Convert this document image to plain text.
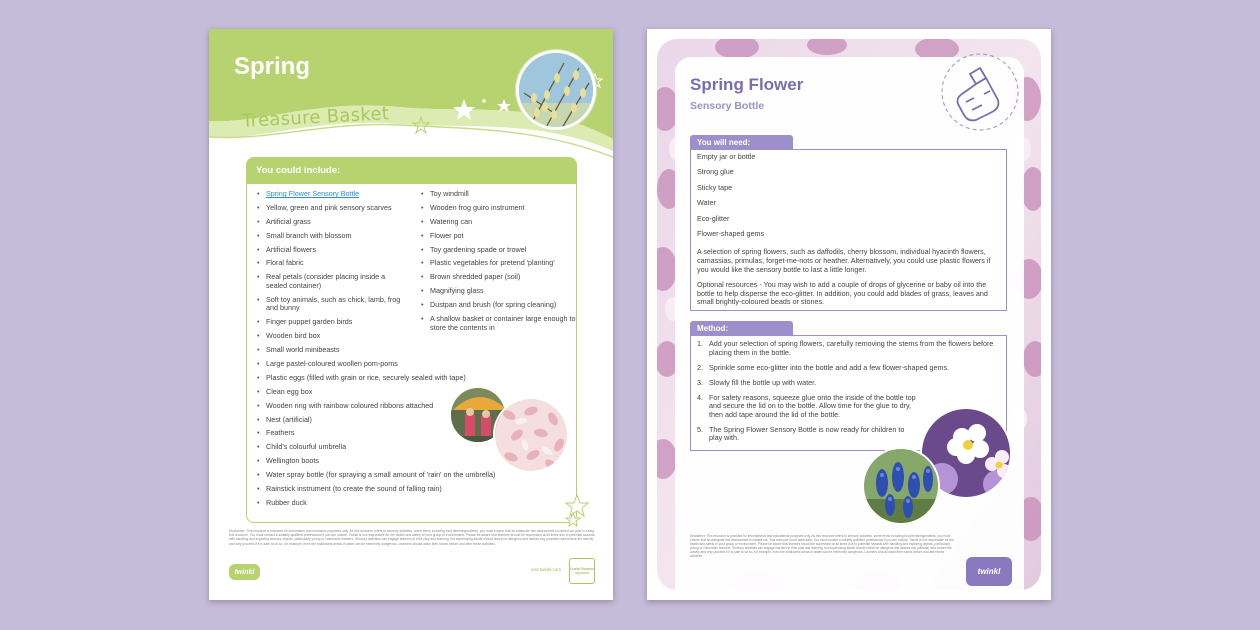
Spring
Treasure Basket
You could include:
• Spring Flower Sensory Bottle
• Yellow, green and pink sensory scarves
• Artificial grass
• Small branch with blossom
• Artificial flowers
• Floral fabric
• Real petals (consider placing inside a sealed container)
• Soft toy animals, such as chick, lamb, frog and bunny
• Finger puppet garden birds
• Wooden bird box
• Small world minibeasts
• Large pastel-coloured woollen pom-poms
• Plastic eggs (filled with grain or rice, securely sealed with tape)
• Clean egg box
• Wooden ring with rainbow coloured ribbons attached
• Nest (artificial)
• Feathers
• Child's colourful umbrella
• Wellington boots
• Water spray bottle (for spraying a small amount of 'rain' on the umbrella)
• Rainstick instrument (to create the sound of falling rain)
• Rubber duck
• Toy windmill
• Wooden frog guiro instrument
• Watering can
• Flower pot
• Toy gardening spade or trowel
• Plastic vegetables for pretend 'planting'
• Brown shredded paper (soil)
• Magnifying glass
• Dustpan and brush (for spring cleaning)
• A shallow basket or container large enough to store the contents in
Disclaimer: This resource is intended for information and education purposes only. As this resource refers to sensory activities, some items including food items/ingredients, you must ensure that an adequate risk assessment is carried out prior to using this resource. You must contact a suitably qualified professional if you are unsure. Twinkl is not responsible for the health and safety of your group or environment. Please be aware that learners should be supervised at all times due to potential hazards with handling and exploring sensory objects, particularly young or vulnerable learners. Sensory activities can engage learners in their play and learning, but supervising adults should check for allergens and assess any potential risks before the activity and only proceed if it is safe to do so, for example, even the shallowest areas of water can be extremely dangerous. Learners should wash their hands before and after these activities.
twinkl	visit twinkl.com	Quality Standard Approved
Spring Flower
Sensory Bottle
You will need:
Empty jar or bottle
Strong glue
Sticky tape
Water
Eco-glitter
Flower-shaped gems

A selection of spring flowers, such as daffodils, cherry blossom, individual hyacinth flowers, camassias, primulas, forget-me-nots or heather. Alternatively, you could use plastic flowers if you would like the sensory bottle to last a little longer.

Optional resources - You may wish to add a couple of drops of glycerine or baby oil into the bottle to help disperse the eco-glitter. In addition, you could add blades of grass, leaves and small brightly-coloured beads or stones.

Method:
1. Add your selection of spring flowers, carefully removing the stems from the flowers before placing them in the bottle.
2. Sprinkle some eco-glitter into the bottle and add a few flower-shaped gems.
3. Slowly fill the bottle up with water.
4. For safety reasons, squeeze glue onto the inside of the bottle top and secure the lid on to the bottle. Allow time for the glue to dry, then add tape around the lid of the bottle.
5. The Spring Flower Sensory Bottle is now ready for children to play with.
Disclaimer: This resource is provided for informational and educational purposes only. As this resource refers to sensory activities, some items including food items/ingredients, you must ensure that an adequate risk assessment is carried out. This resource is not taste-safe. You must contact a suitably qualified professional if you are unsure. Twinkl is not responsible for the health and safety of your group or environment. Please be aware that learners should be supervised at all times due to potential hazards with handling and exploring objects, particularly young or vulnerable learners. Sensory activities can engage learners in their play and learning, but supervising adults should check for allergens and assess any potential risks before the activity and only proceed if it is safe to do so, for example, even the shallowest areas of water can be extremely dangerous. Learners should wash their hands before and after these activities.
twinkl
